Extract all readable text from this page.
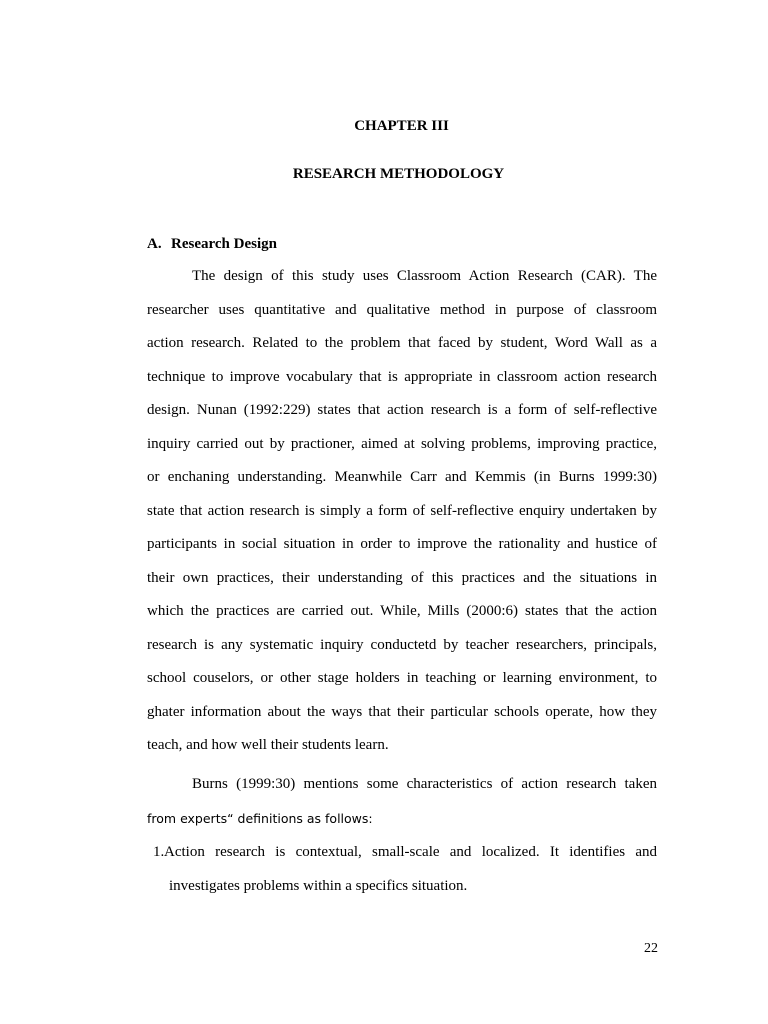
CHAPTER III
RESEARCH METHODOLOGY
A. Research Design

The design of this study uses Classroom Action Research (CAR). The
researcher uses quantitative and qualitative method in purpose of classroom
action research. Related to the problem that faced by student, Word Wall as a
technique to improve vocabulary that is appropriate in classroom action research
design. Nunan (1992:229) states that action research is a form of self-reflective
inquiry carried out by practioner, aimed at solving problems, improving practice,
or enchaning understanding. Meanwhile Carr and Kemmis (in Burns 1999:30)
state that action research is simply a form of self-reflective enquiry undertaken by
participants in social situation in order to improve the rationality and hustice of
their own practices, their understanding of this practices and the situations in
which the practices are carried out. While, Mills (2000:6) states that the action
research is any systematic inquiry conductetd by teacher researchers, principals,
school couselors, or other stage holders in teaching or learning environment, to
ghater information about the ways that their particular schools operate, how they
teach, and how well their students learn.

Burns (1999:30) mentions some characteristics of action research taken
from experts“ definitions as follows:

1. Action research is contextual, small-scale and localized. It identifies and
investigates problems within a specifics situation.
22
